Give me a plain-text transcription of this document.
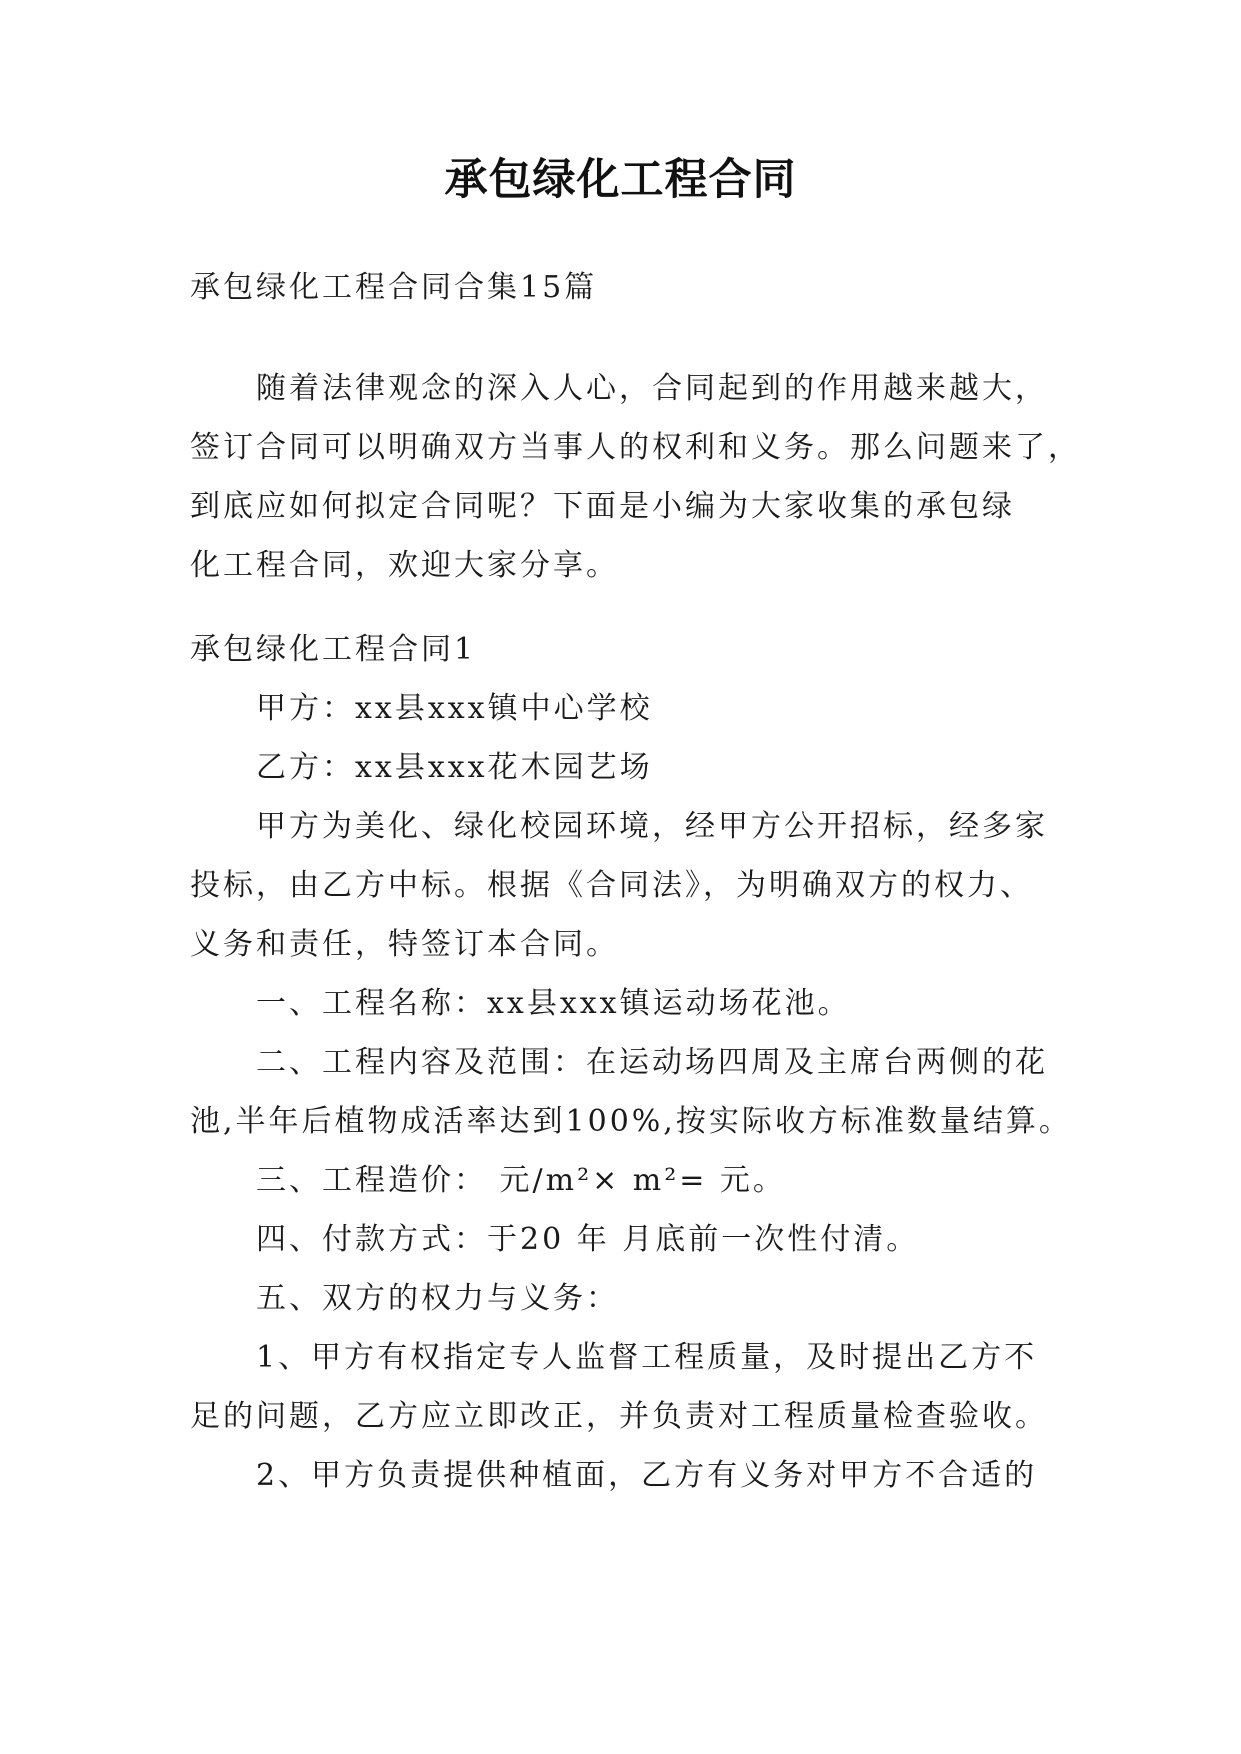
承包绿化工程合同
承包绿化工程合同合集15篇
随着法律观念的深入人心，合同起到的作用越来越大，
签订合同可以明确双方当事人的权利和义务。那么问题来了，
到底应如何拟定合同呢？下面是小编为大家收集的承包绿
化工程合同，欢迎大家分享。
承包绿化工程合同1
甲方：xx县xxx镇中心学校
乙方：xx县xxx花木园艺场
甲方为美化、绿化校园环境，经甲方公开招标，经多家
投标，由乙方中标。根据《合同法》，为明确双方的权力、
义务和责任，特签订本合同。
一、工程名称：xx县xxx镇运动场花池。
二、工程内容及范围：在运动场四周及主席台两侧的花
池,半年后植物成活率达到100%,按实际收方标准数量结算。
三、工程造价： 元/m²× m²= 元。
四、付款方式：于20 年 月底前一次性付清。
五、双方的权力与义务：
1、甲方有权指定专人监督工程质量，及时提出乙方不
足的问题，乙方应立即改正，并负责对工程质量检查验收。
2、甲方负责提供种植面，乙方有义务对甲方不合适的
